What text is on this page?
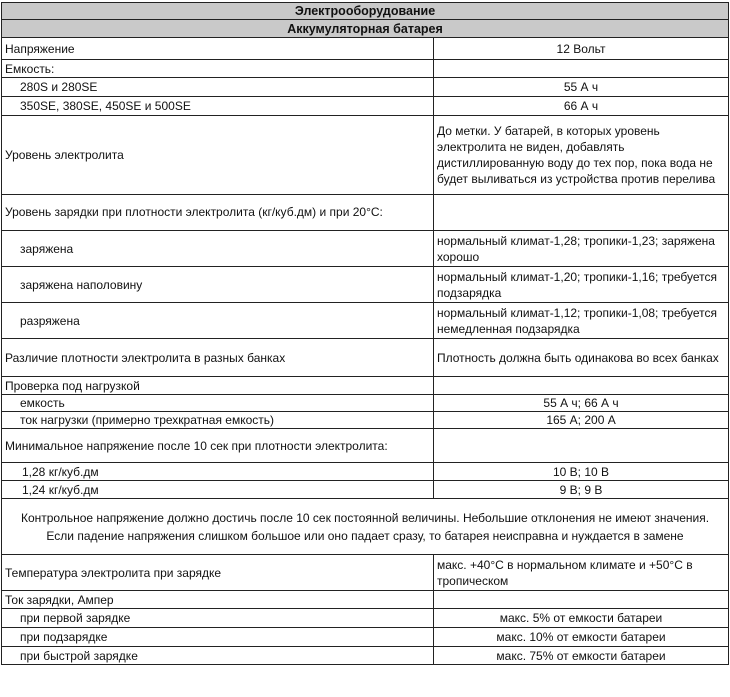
Электрооборудование	
Аккумуляторная батарея	
Напряжение	12 Вольт
Емкость:	
280S и 280SE	55 А ч
350SE, 380SE, 450SE и 500SE	66 А ч
Уровень электролита	До метки. У батарей, в которых уровень электролита не виден, добавлять дистиллированную воду до тех пор, пока вода не будет выливаться из устройства против перелива
Уровень зарядки при плотности электролита (кг/куб.дм) и при 20°С:	
заряжена	нормальный климат-1,28; тропики-1,23; заряжена хорошо
заряжена наполовину	нормальный климат-1,20; тропики-1,16; требуется подзарядка
разряжена	нормальный климат-1,12; тропики-1,08; требуется немедленная подзарядка
Различие плотности электролита в разных банках	Плотность должна быть одинакова во всех банках
Проверка под нагрузкой	
емкость	55 А ч; 66 А ч
ток нагрузки (примерно трехкратная емкость)	165 А; 200 А
Минимальное напряжение после 10 сек при плотности электролита:	
1,28 кг/куб.дм	10 В; 10 В
1,24 кг/куб.дм	9 В; 9 В
Контрольное напряжение должно достичь после 10 сек постоянной величины. Небольшие отклонения не имеют значения. Если падение напряжения слишком большое или оно падает сразу, то батарея неисправна и нуждается в замене	
Температура электролита при зарядке	макс. +40°С в нормальном климате и +50°С в тропическом
Ток зарядки, Ампер	
при первой зарядке	макс. 5% от емкости батареи
при подзарядке	макс. 10% от емкости батареи
при быстрой зарядке	макс. 75% от емкости батареи
